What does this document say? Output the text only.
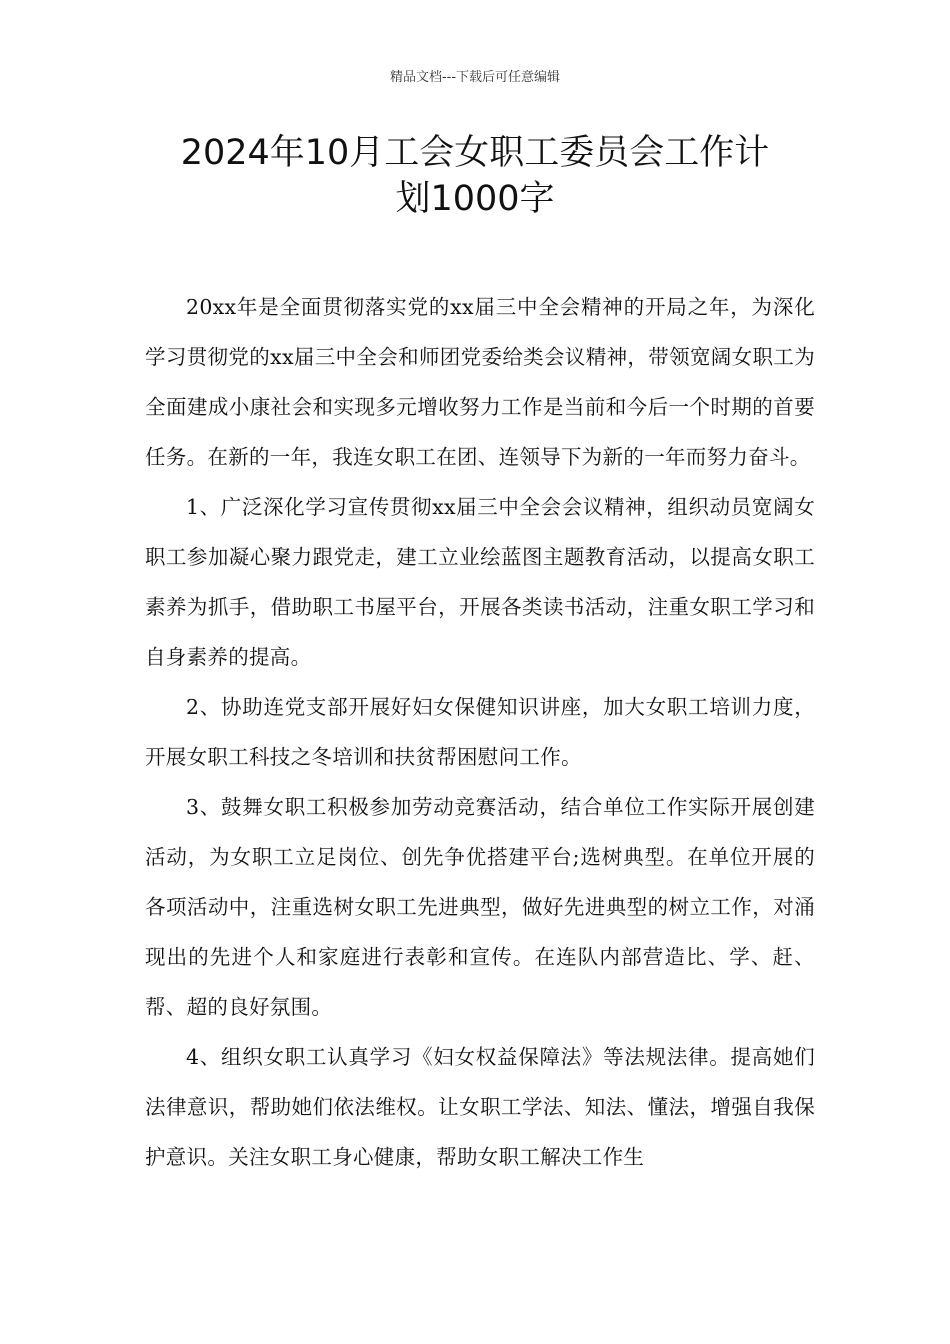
精品文档---下载后可任意编辑
2024年10月工会女职工委员会工作计
划1000字

20xx年是全面贯彻落实党的xx届三中全会精神的开局之年，为深化学习贯彻党的xx届三中全会和师团党委给类会议精神，带领宽阔女职工为全面建成小康社会和实现多元增收努力工作是当前和今后一个时期的首要任务。在新的一年，我连女职工在团、连领导下为新的一年而努力奋斗。

1、广泛深化学习宣传贯彻xx届三中全会会议精神，组织动员宽阔女职工参加凝心聚力跟党走，建工立业绘蓝图主题教育活动，以提高女职工素养为抓手，借助职工书屋平台，开展各类读书活动，注重女职工学习和自身素养的提高。

2、协助连党支部开展好妇女保健知识讲座，加大女职工培训力度，开展女职工科技之冬培训和扶贫帮困慰问工作。

3、鼓舞女职工积极参加劳动竞赛活动，结合单位工作实际开展创建活动，为女职工立足岗位、创先争优搭建平台;选树典型。在单位开展的各项活动中，注重选树女职工先进典型，做好先进典型的树立工作，对涌现出的先进个人和家庭进行表彰和宣传。在连队内部营造比、学、赶、帮、超的良好氛围。

4、组织女职工认真学习《妇女权益保障法》等法规法律。提高她们法律意识，帮助她们依法维权。让女职工学法、知法、懂法，增强自我保护意识。关注女职工身心健康，帮助女职工解决工作生
